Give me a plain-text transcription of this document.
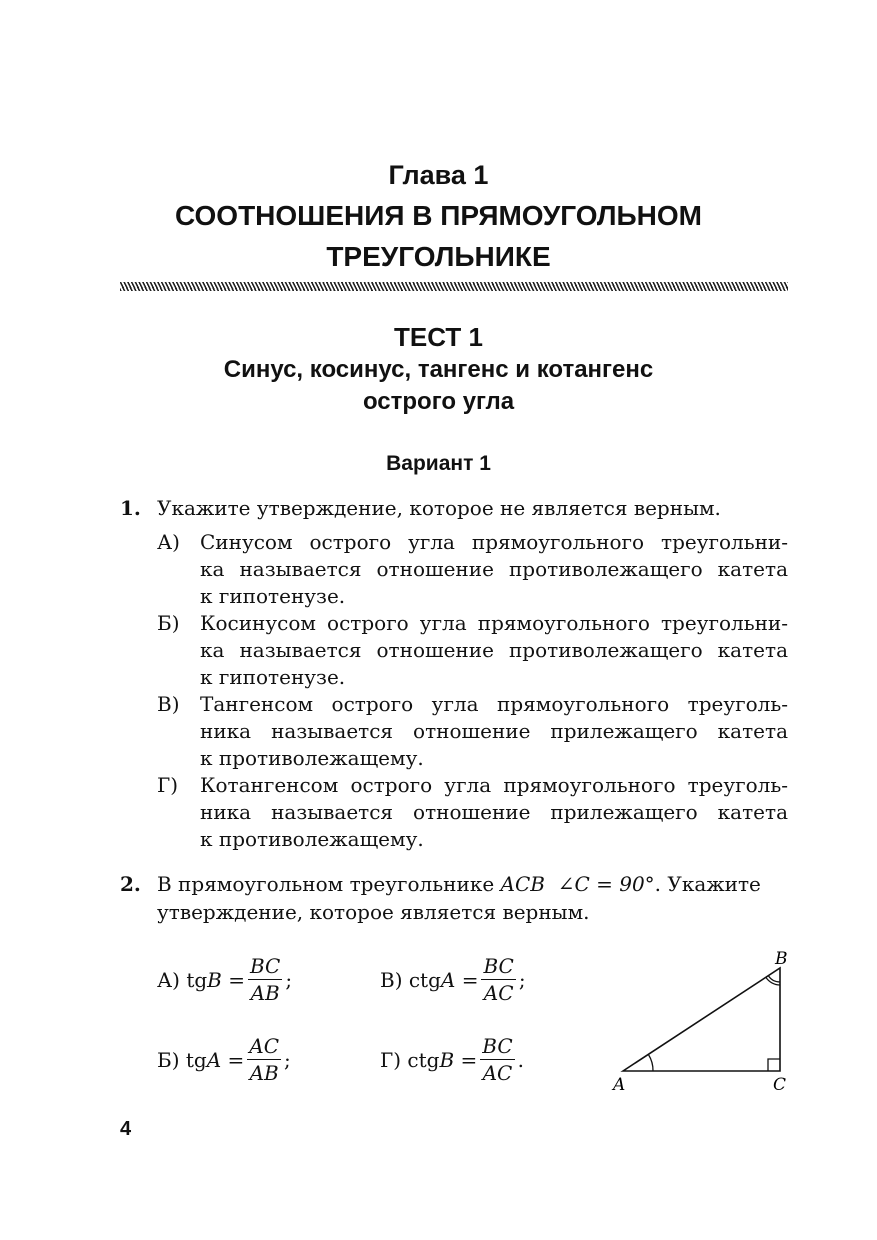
Глава 1
СООТНОШЕНИЯ В ПРЯМОУГОЛЬНОМ
ТРЕУГОЛЬНИКЕ
ТЕСТ 1
Синус, косинус, тангенс и котангенс
острого угла
Вариант 1
1. Укажите утверждение, которое не является верным.
А) Синусом острого угла прямоугольного треугольни-
ка называется отношение противолежащего катета
к гипотенузе.
Б) Косинусом острого угла прямоугольного треугольни-
ка называется отношение противолежащего катета
к гипотенузе.
В) Тангенсом острого угла прямоугольного треуголь-
ника называется отношение прилежащего катета
к противолежащему.
Г) Котангенсом острого угла прямоугольного треуголь-
ника называется отношение прилежащего катета
к противолежащему.
2. В прямоугольном треугольнике ACB ∠C = 90°. Укажите
утверждение, которое является верным.
А)
tg $B = \frac{BC}{AB}$ ;	В)
ctg $A = \frac{BC}{AC}$ ;
Б)
tg $A = \frac{AC}{AB}$ ;	Г)
ctg $B = \frac{BC}{AC}$ .
A
B
C
4
